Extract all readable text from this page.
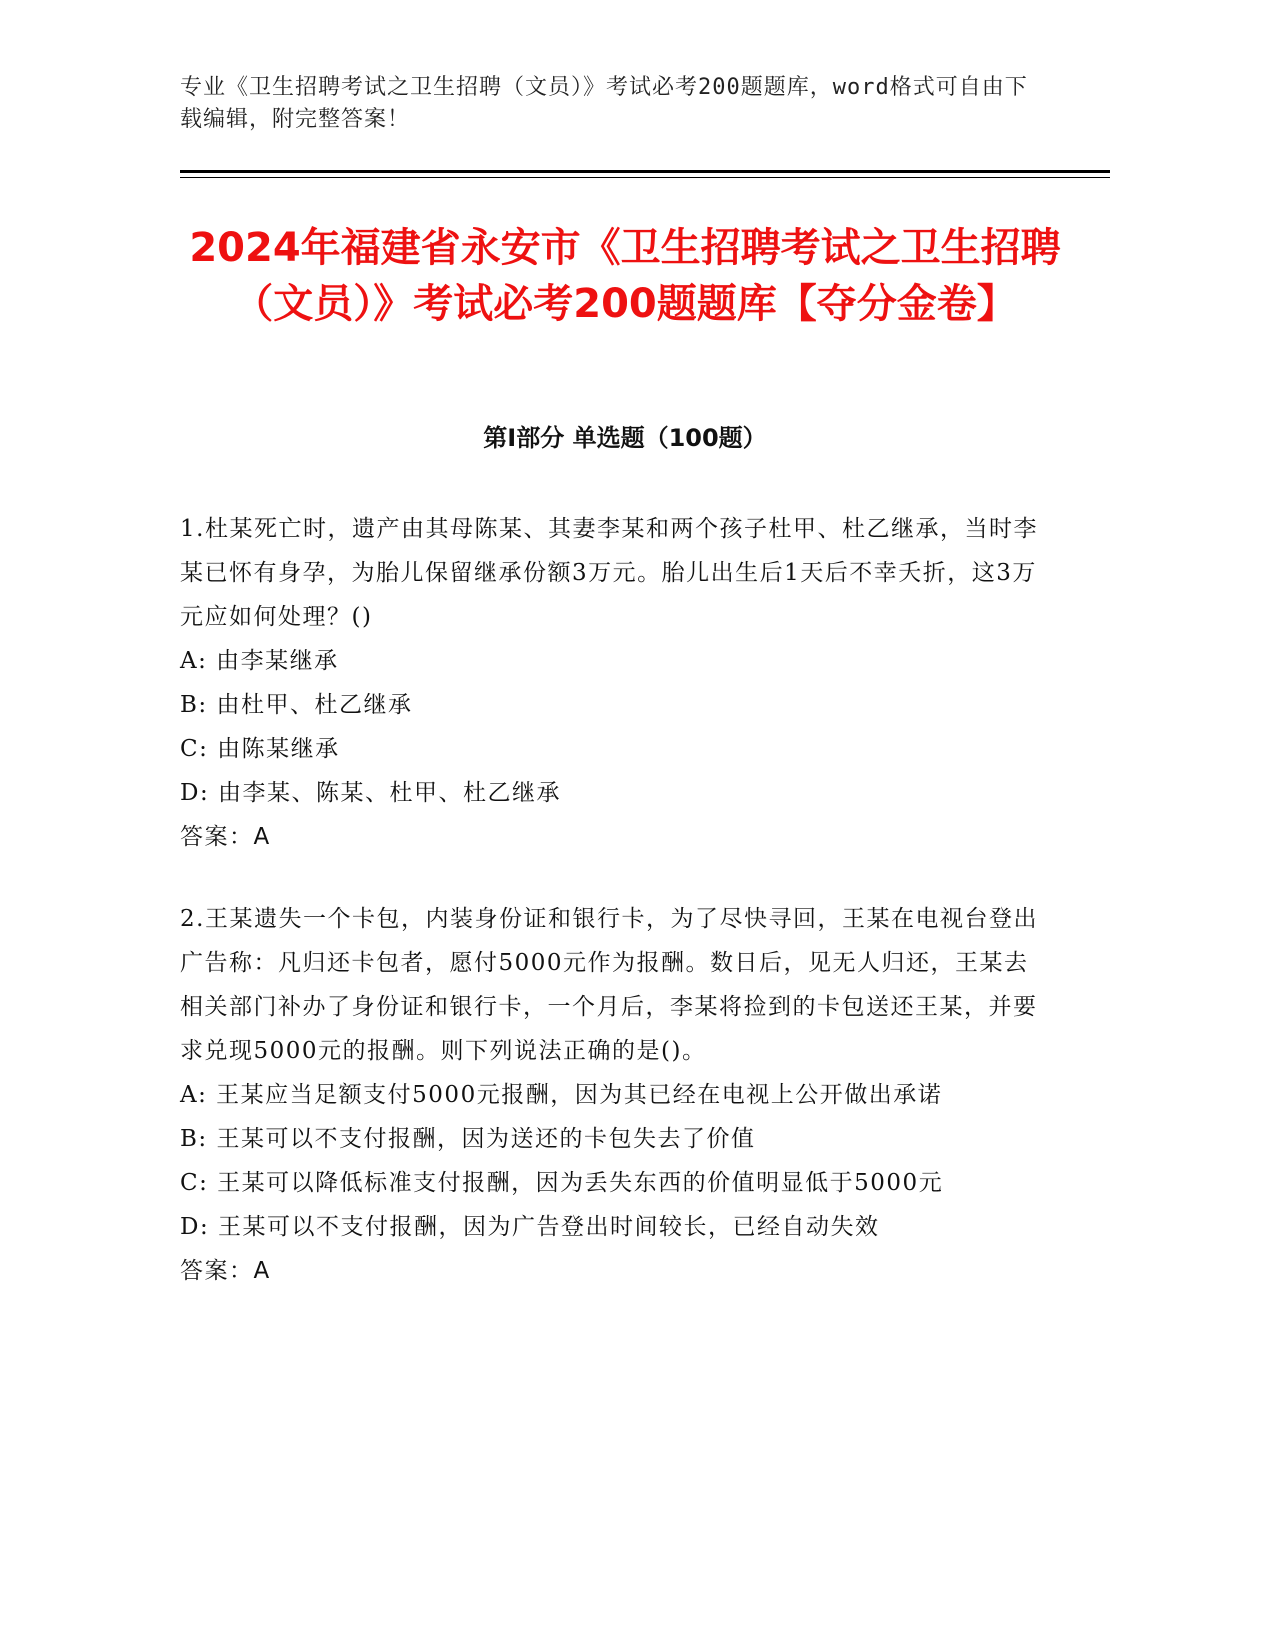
专业《卫生招聘考试之卫生招聘（文员）》考试必考200题题库，word格式可自由下载编辑，附完整答案！
2024年福建省永安市《卫生招聘考试之卫生招聘（文员）》考试必考200题题库【夺分金卷】
第I部分 单选题（100题）

1.杜某死亡时，遗产由其母陈某、其妻李某和两个孩子杜甲、杜乙继承，当时李某已怀有身孕，为胎儿保留继承份额3万元。胎儿出生后1天后不幸夭折，这3万元应如何处理？()

A: 由李某继承

B: 由杜甲、杜乙继承

C: 由陈某继承

D: 由李某、陈某、杜甲、杜乙继承

答案：A

2.王某遗失一个卡包，内装身份证和银行卡，为了尽快寻回，王某在电视台登出广告称：凡归还卡包者，愿付5000元作为报酬。数日后，见无人归还，王某去相关部门补办了身份证和银行卡，一个月后，李某将捡到的卡包送还王某，并要求兑现5000元的报酬。则下列说法正确的是()。

A: 王某应当足额支付5000元报酬，因为其已经在电视上公开做出承诺

B: 王某可以不支付报酬，因为送还的卡包失去了价值

C: 王某可以降低标准支付报酬，因为丢失东西的价值明显低于5000元

D: 王某可以不支付报酬，因为广告登出时间较长，已经自动失效

答案：A
